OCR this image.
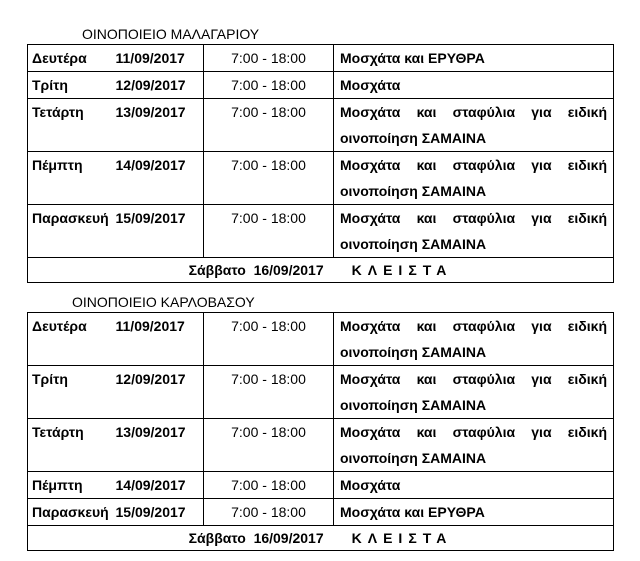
ΟΙΝΟΠΟΙΕΙΟ ΜΑΛΑΓΑΡΙΟΥ
Δευτέρα	11/09/2017	7:00 - 18:00	Μοσχάτα και ΕΡΥΘΡΑ

Τρίτη	12/09/2017	7:00 - 18:00	Μοσχάτα

Τετάρτη	13/09/2017	7:00 - 18:00	Μοσχάτα και σταφύλια για ειδική
οινοποίηση ΣΑΜΑΙΝΑ

Πέμπτη	14/09/2017	7:00 - 18:00	Μοσχάτα και σταφύλια για ειδική
οινοποίηση ΣΑΜΑΙΝΑ

Παρασκευή	15/09/2017	7:00 - 18:00	Μοσχάτα και σταφύλια για ειδική
οινοποίηση ΣΑΜΑΙΝΑ

Σάββατο 16/09/2017 ΚΛΕΙΣΤΑ			
ΟΙΝΟΠΟΙΕΙΟ ΚΑΡΛΟΒΑΣΟΥ
Δευτέρα	11/09/2017	7:00 - 18:00	Μοσχάτα και σταφύλια για ειδική
οινοποίηση ΣΑΜΑΙΝΑ

Τρίτη	12/09/2017	7:00 - 18:00	Μοσχάτα και σταφύλια για ειδική
οινοποίηση ΣΑΜΑΙΝΑ

Τετάρτη	13/09/2017	7:00 - 18:00	Μοσχάτα και σταφύλια για ειδική
οινοποίηση ΣΑΜΑΙΝΑ

Πέμπτη	14/09/2017	7:00 - 18:00	Μοσχάτα

Παρασκευή	15/09/2017	7:00 - 18:00	Μοσχάτα και ΕΡΥΘΡΑ

Σάββατο 16/09/2017 ΚΛΕΙΣΤΑ			
